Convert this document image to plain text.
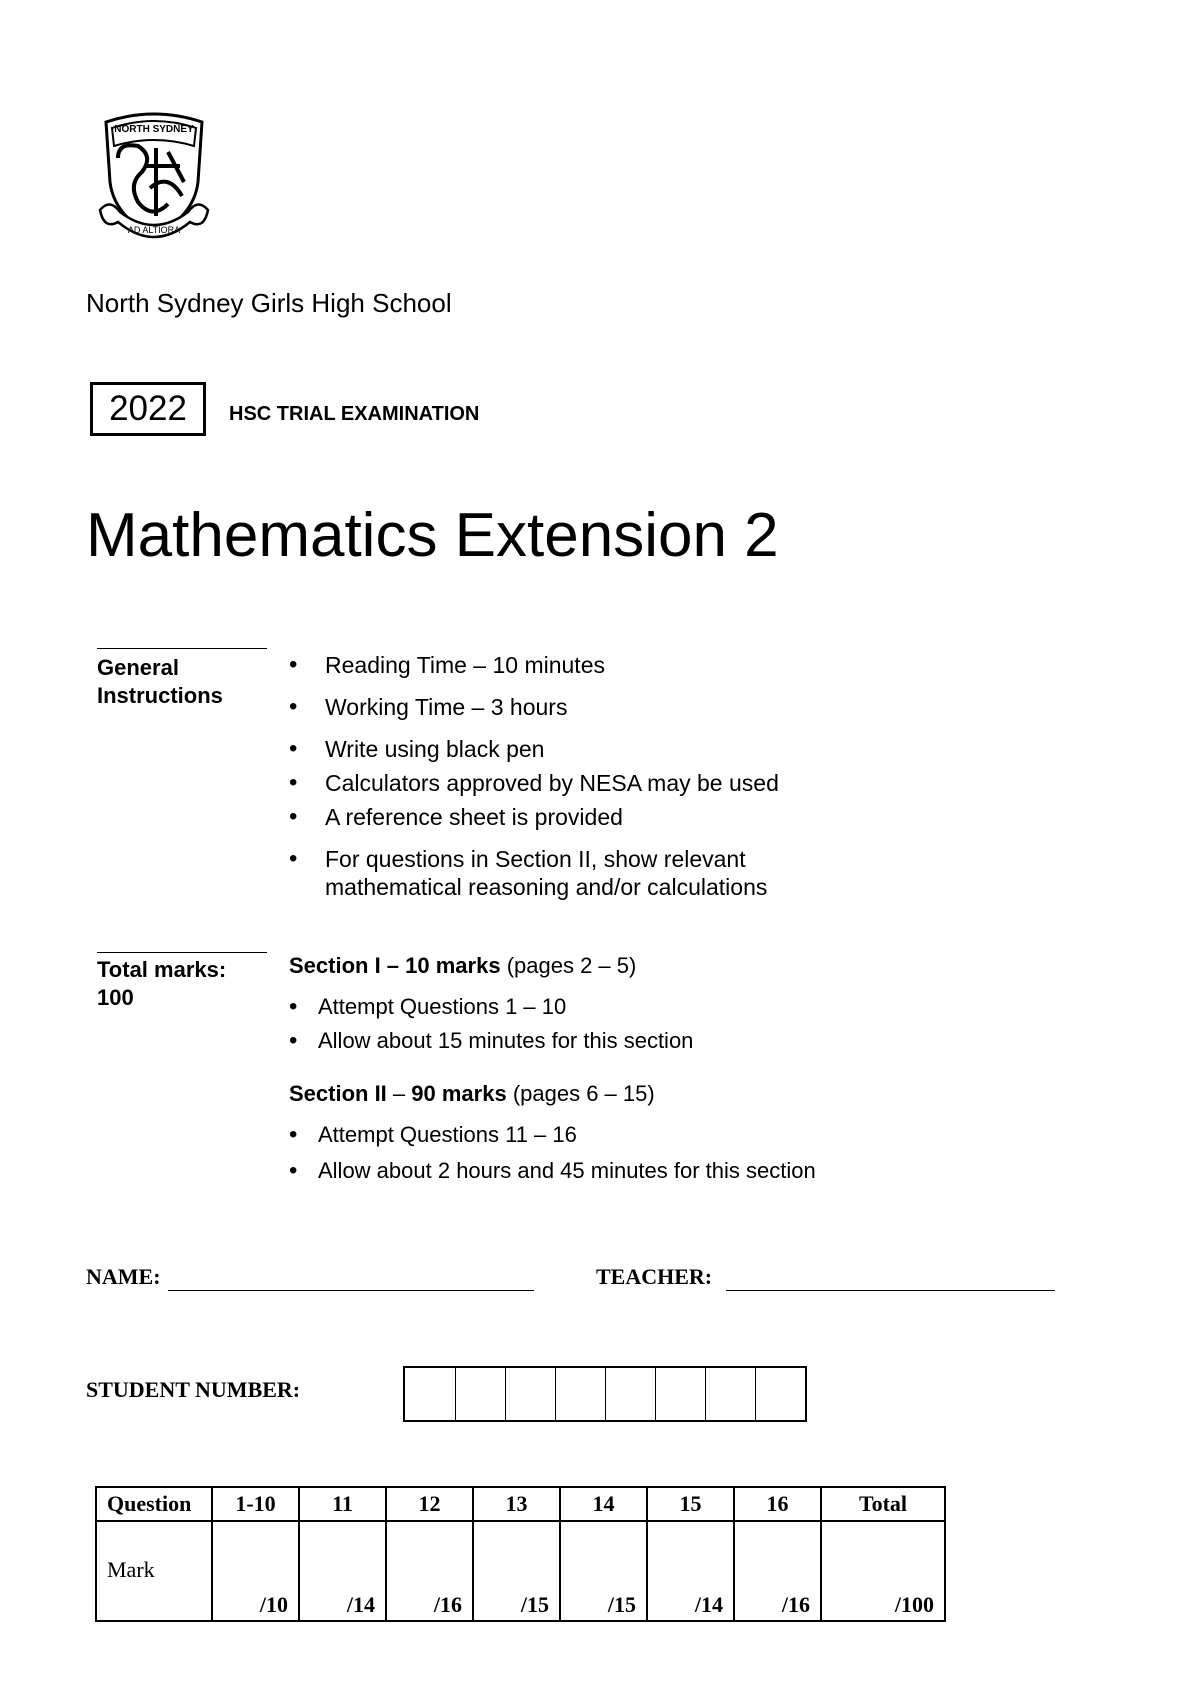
NORTH SYDNEY
AD ALTIORA
North Sydney Girls High School
2022	HSC TRIAL EXAMINATION
Mathematics Extension 2
General
Instructions
• Reading Time – 10 minutes
• Working Time – 3 hours
• Write using black pen
• Calculators approved by NESA may be used
• A reference sheet is provided
• For questions in Section II, show relevant mathematical reasoning and/or calculations
Total marks:
100
Section I – 10 marks (pages 2 – 5)
• Attempt Questions 1 – 10
• Allow about 15 minutes for this section
Section II – 90 marks (pages 6 – 15)
• Attempt Questions 11 – 16
• Allow about 2 hours and 45 minutes for this section
NAME:	TEACHER:
STUDENT NUMBER:
Question	1-10	11	12	13	14	15	16	Total
Mark	/10	/14	/16	/15	/15	/14	/16	/100
